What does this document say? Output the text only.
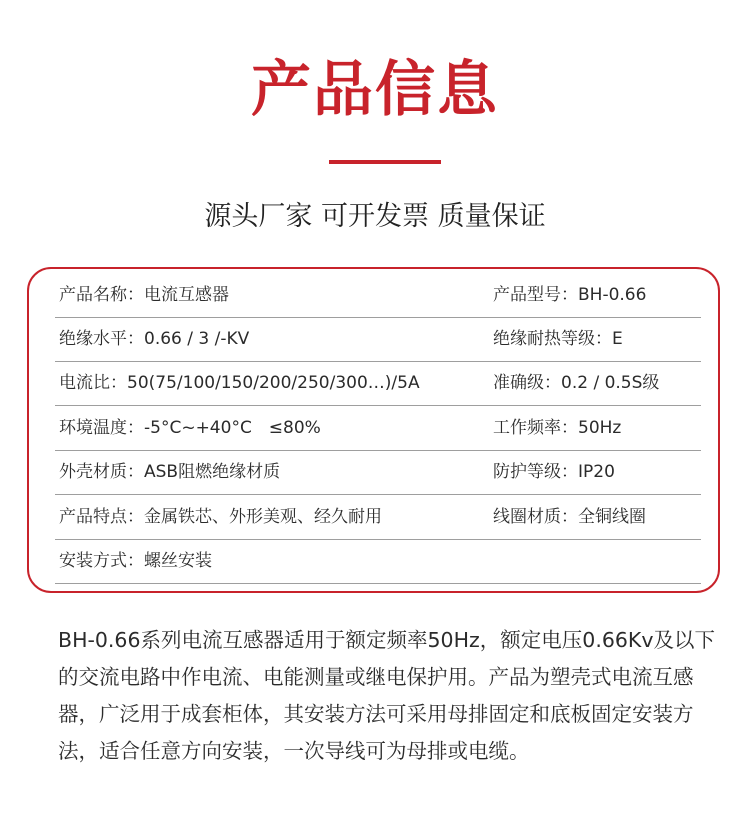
产品信息
源头厂家 可开发票 质量保证
产品名称：电流互感器	产品型号：BH-0.66
绝缘水平：0.66 / 3 /-KV	绝缘耐热等级：E
电流比：50(75/100/150/200/250/300…)/5A	准确级：0.2 / 0.5S级
环境温度：-5°C~+40°C　≤80%	工作频率：50Hz
外壳材质：ASB阻燃绝缘材质	防护等级：IP20
产品特点：金属铁芯、外形美观、经久耐用	线圈材质：全铜线圈
安装方式：螺丝安装

BH-0.66系列电流互感器适用于额定频率50Hz，额定电压0.66Kv及以下的交流电路中作电流、电能测量或继电保护用。产品为塑壳式电流互感器，广泛用于成套柜体，其安装方法可采用母排固定和底板固定安装方法，适合任意方向安装，一次导线可为母排或电缆。
